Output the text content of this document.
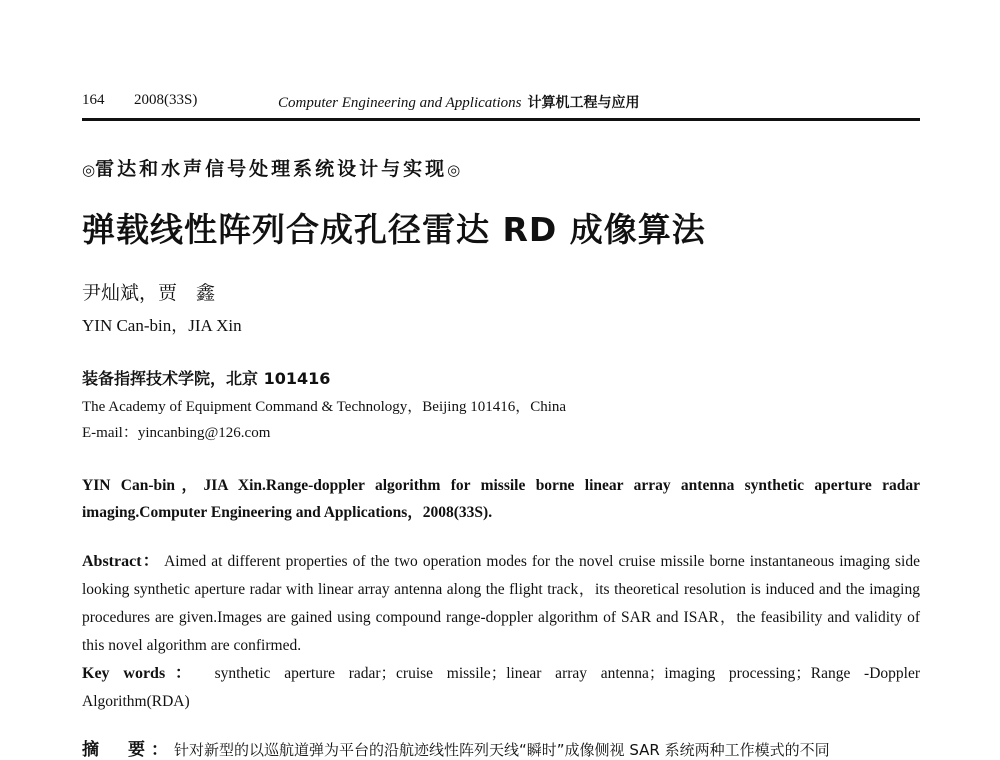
164 2008(33S)	Computer Engineering and Applications 计算机工程与应用
◎雷达和水声信号处理系统设计与实现◎
弹载线性阵列合成孔径雷达 RD 成像算法
尹灿斌，贾　鑫
YIN Can-bin，JIA Xin
装备指挥技术学院，北京 101416
The Academy of Equipment Command & Technology，Beijing 101416，China
E-mail：yincanbing@126.com
YIN Can-bin，JIA Xin.Range-doppler algorithm for missile borne linear array antenna synthetic aperture radar imaging.Computer Engineering and Applications，2008(33S).
Abstract： Aimed at different properties of the two operation modes for the novel cruise missile borne instantaneous imaging side looking synthetic aperture radar with linear array antenna along the flight track，its theoretical resolution is induced and the imaging procedures are given.Images are gained using compound range-doppler algorithm of SAR and ISAR，the feasibility and validity of this novel algorithm are confirmed.
Key words： synthetic aperture radar；cruise missile；linear array antenna；imaging processing；Range -Doppler Algorithm(RDA)
摘　要：针对新型的以巡航道弹为平台的沿航迹线性阵列天线“瞬时”成像侧视 SAR 系统两种工作模式的不同
